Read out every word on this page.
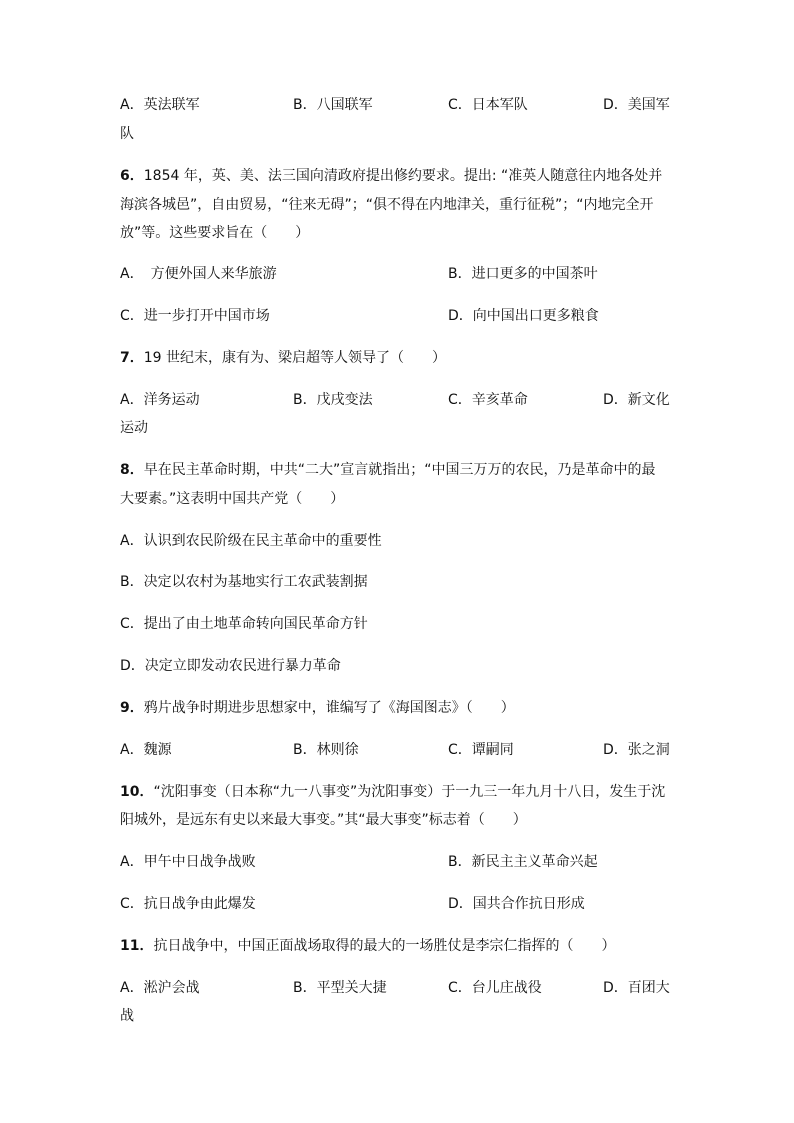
A．英法联军	B．八国联军	C．日本军队	D．美国军
队
6．1854 年，英、美、法三国向清政府提出修约要求。提出: “准英人随意往内地各处并
海滨各城邑”，自由贸易，“往来无碍”；“俱不得在内地津关，重行征税”；“内地完全开
放”等。这些要求旨在（　　）
A．　方便外国人来华旅游	B．进口更多的中国茶叶
C．进一步打开中国市场	D．向中国出口更多粮食
7．19 世纪末，康有为、梁启超等人领导了（　　）
A．洋务运动	B．戊戌变法	C．辛亥革命	D．新文化
运动
8．早在民主革命时期，中共“二大”宣言就指出；“中国三万万的农民，乃是革命中的最
大要素。”这表明中国共产党（　　）
A．认识到农民阶级在民主革命中的重要性
B．决定以农村为基地实行工农武装割据
C．提出了由土地革命转向国民革命方针
D．决定立即发动农民进行暴力革命
9．鸦片战争时期进步思想家中，谁编写了《海国图志》（　　）
A．魏源	B．林则徐	C．谭嗣同	D．张之洞
10．“沈阳事变（日本称“九一八事变”为沈阳事变）于一九三一年九月十八日，发生于沈
阳城外，是远东有史以来最大事变。”其“最大事变”标志着（　　）
A．甲午中日战争战败	B．新民主主义革命兴起
C．抗日战争由此爆发	D．国共合作抗日形成
11．抗日战争中，中国正面战场取得的最大的一场胜仗是李宗仁指挥的（　　）
A．淞沪会战	B．平型关大捷	C．台儿庄战役	D．百团大
战
